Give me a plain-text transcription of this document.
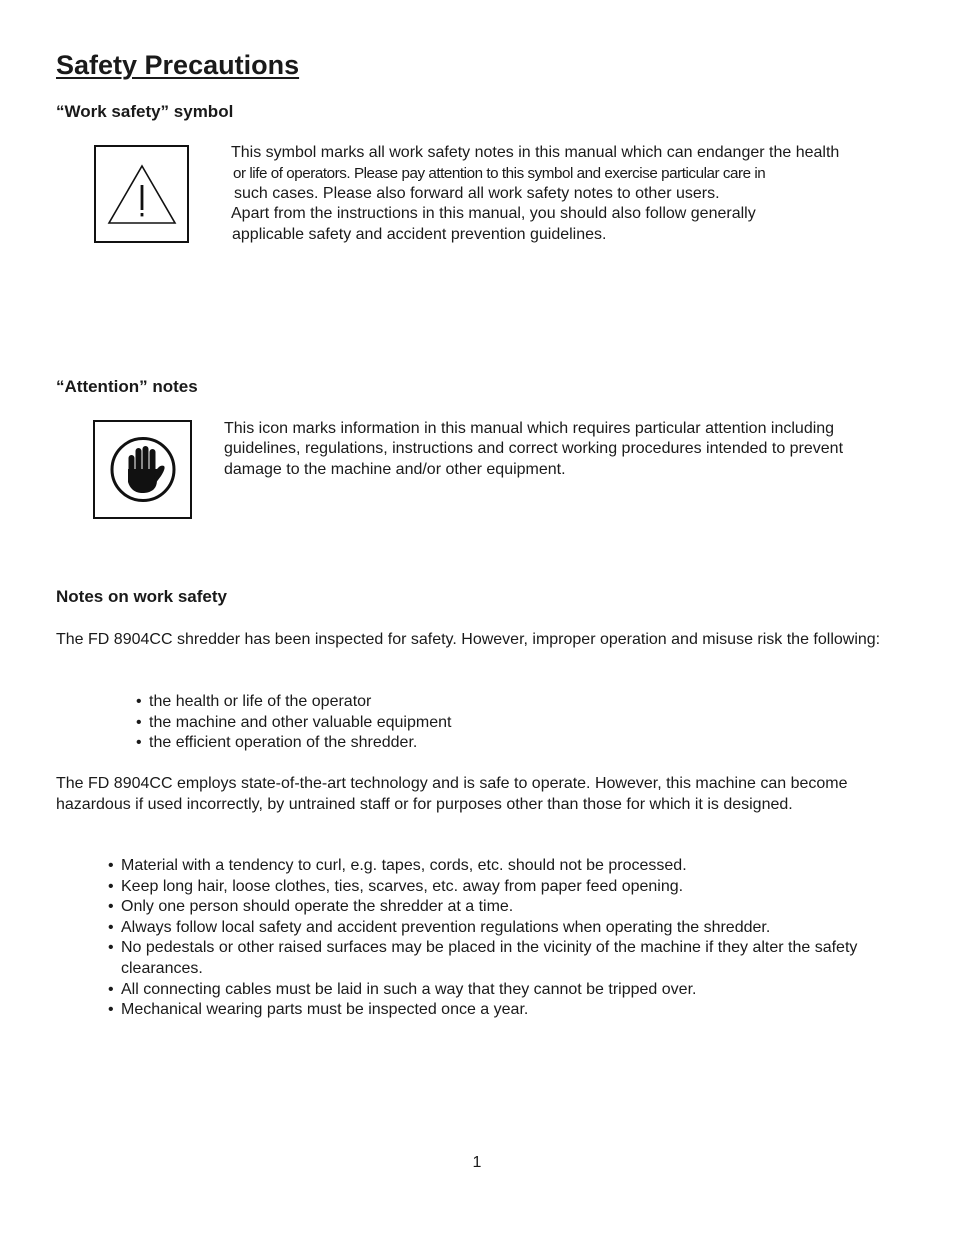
Safety Precautions
“Work safety” symbol
This symbol marks all work safety notes in this manual which can endanger the health
or life of operators. Please pay attention to this symbol and exercise particular care in
such cases. Please also forward all work safety notes to other users.
Apart from the instructions in this manual, you should also follow generally
applicable safety and accident prevention guidelines.
“Attention” notes
This icon marks information in this manual which requires particular attention including
guidelines, regulations, instructions and correct working procedures intended to prevent
damage to the machine and/or other equipment.
Notes on work safety

The FD 8904CC shredder has been inspected for safety. However, improper operation and misuse risk the following:

• the health or life of the operator
• the machine and other valuable equipment
• the efficient operation of the shredder.

The FD 8904CC employs state-of-the-art technology and is safe to operate. However, this machine can become hazardous if used incorrectly, by untrained staff or for purposes other than those for which it is designed.

• Material with a tendency to curl, e.g. tapes, cords, etc. should not be processed.
• Keep long hair, loose clothes, ties, scarves, etc. away from paper feed opening.
• Only one person should operate the shredder at a time.
• Always follow local safety and accident prevention regulations when operating the shredder.
• No pedestals or other raised surfaces may be placed in the vicinity of the machine if they alter the safety clearances.
• All connecting cables must be laid in such a way that they cannot be tripped over.
• Mechanical wearing parts must be inspected once a year.
1
